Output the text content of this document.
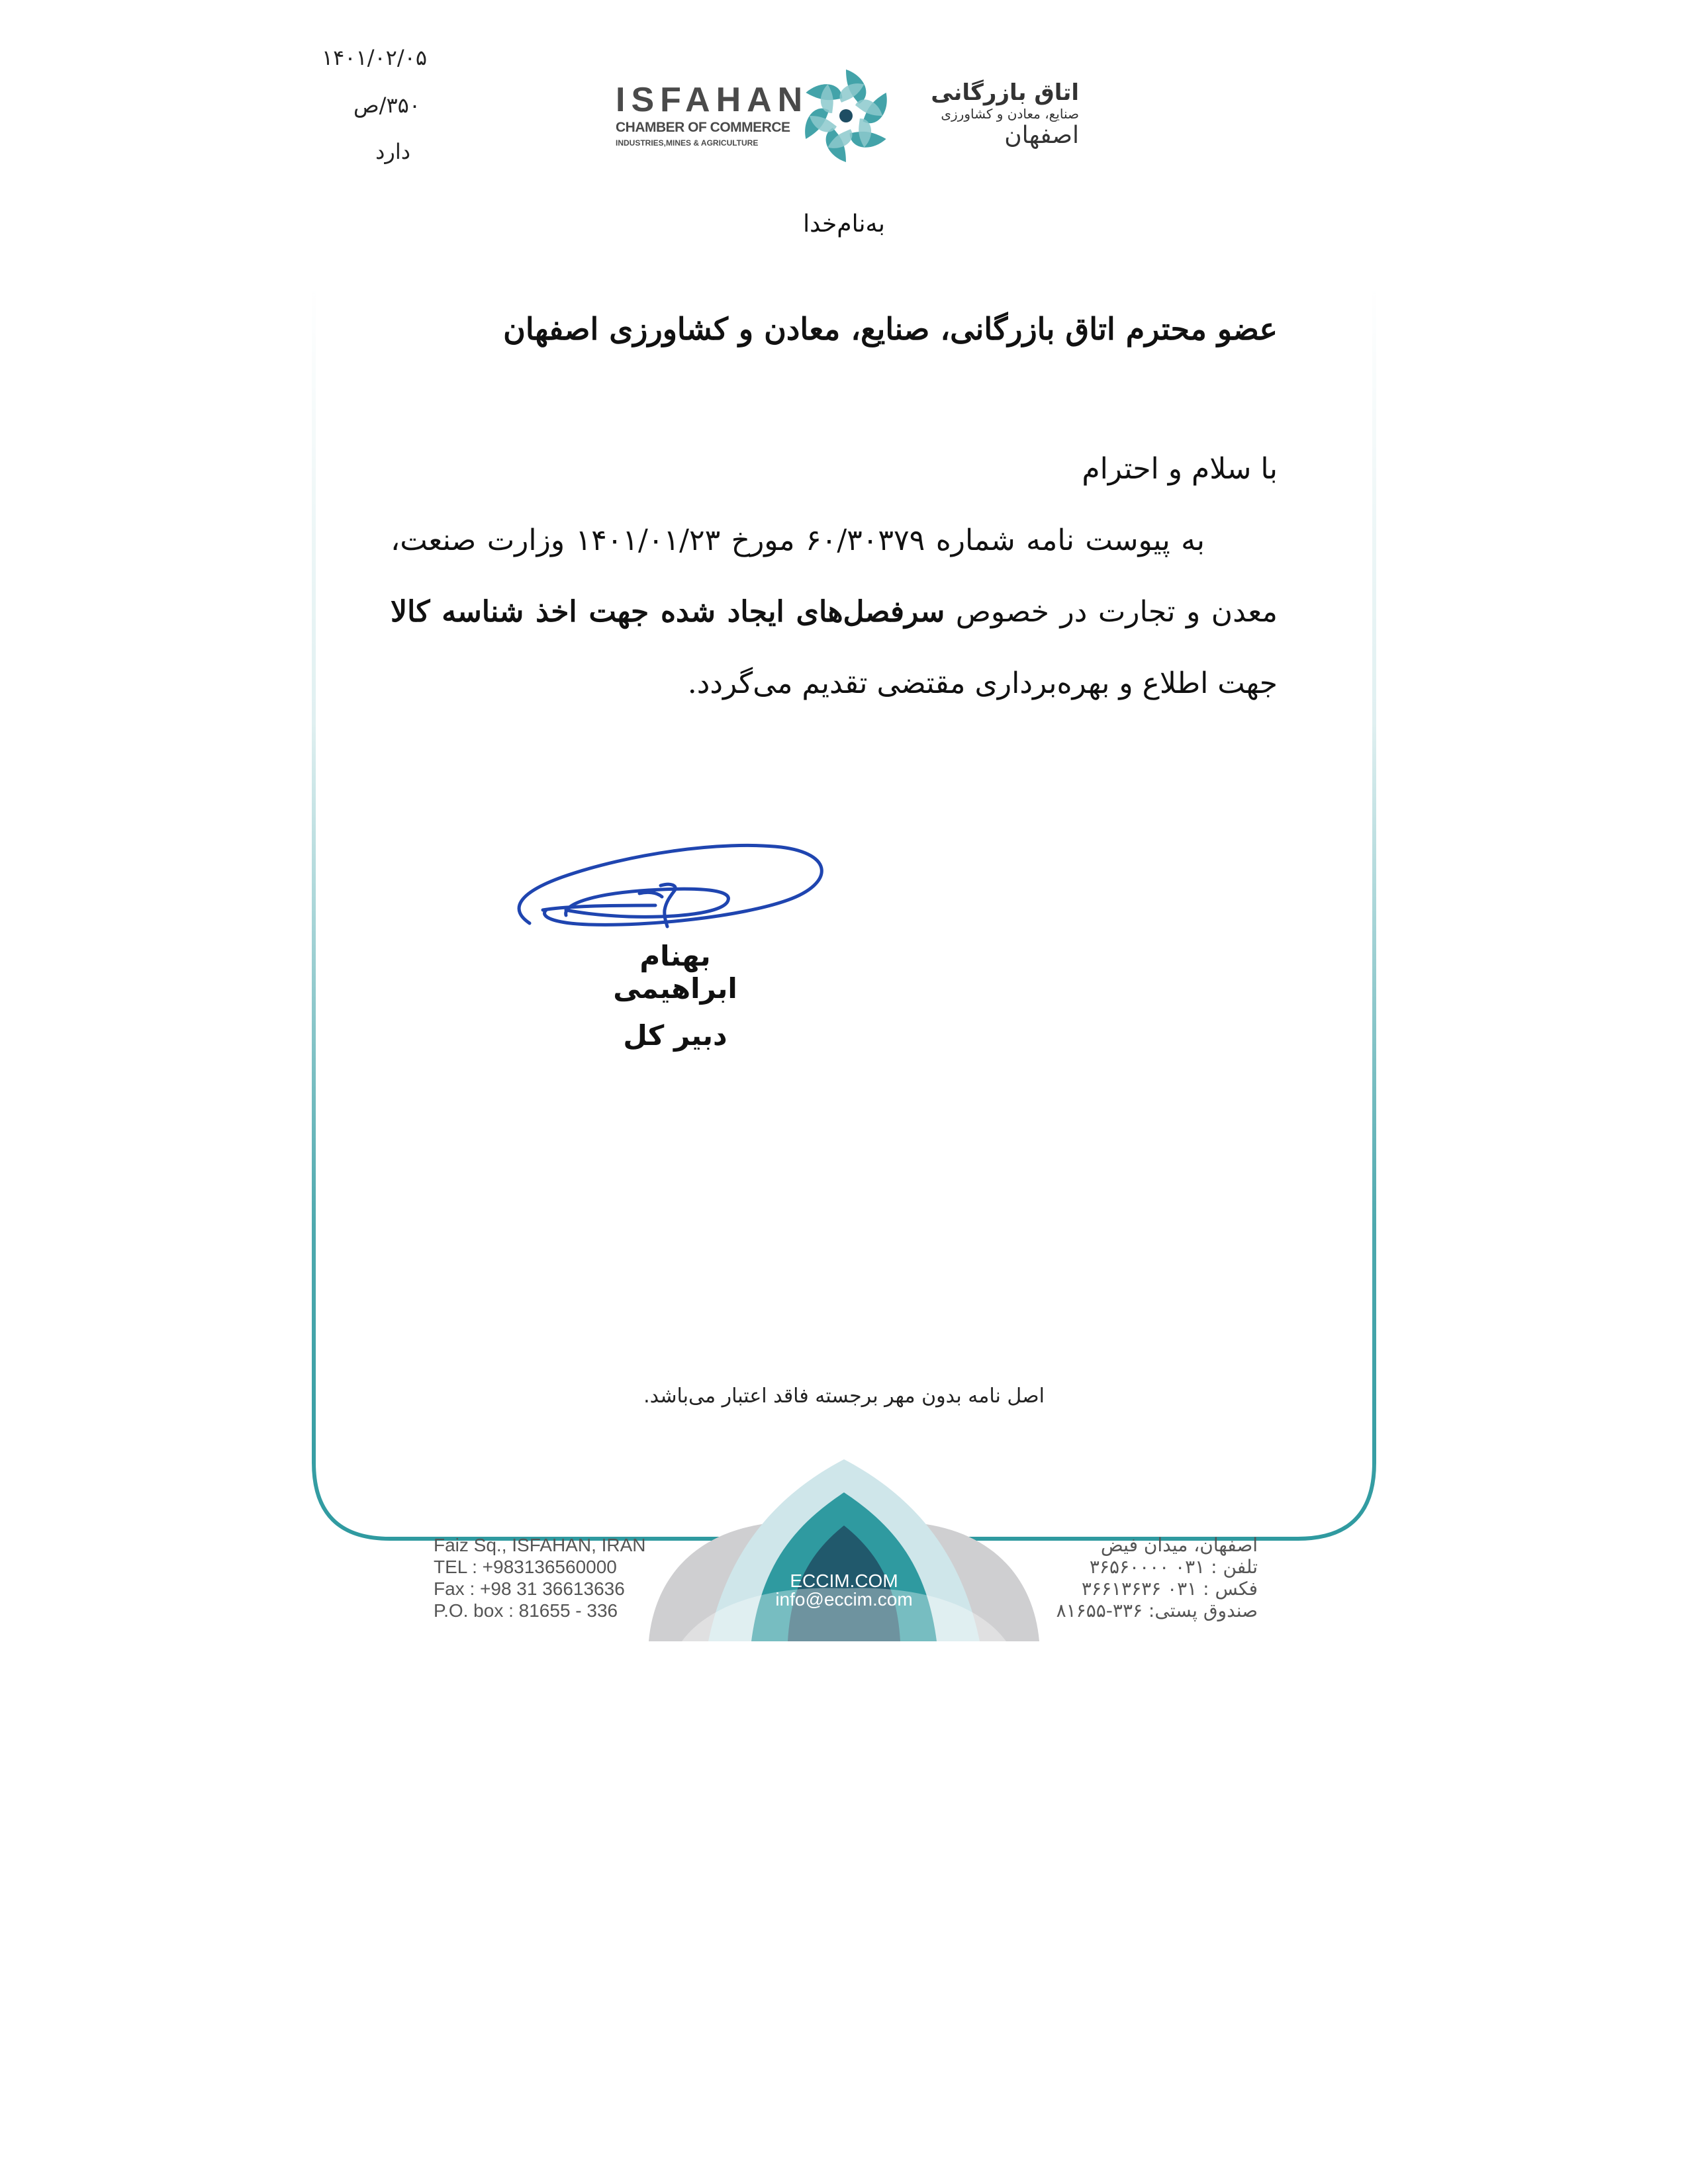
۱۴۰۱/۰۲/۰۵
۳۵۰/ص
دارد
ISFAHAN
CHAMBER OF COMMERCE
INDUSTRIES,MINES & AGRICULTURE
اتاق بازرگانی
صنایع، معادن و کشاورزی
اصفهان
به‌نام‌خدا
عضو محترم اتاق بازرگانی، صنایع، معادن و کشاورزی اصفهان

با سلام و احترام

به پیوست نامه شماره ۶۰/۳۰۳۷۹ مورخ ۱۴۰۱/۰۱/۲۳ وزارت صنعت، معدن و تجارت در خصوص سرفصل‌های ایجاد شده جهت اخذ شناسه کالا جهت اطلاع و بهره‌برداری مقتضی تقدیم می‌گردد.

بهنام ابراهیمی
دبیر کل
اصل نامه بدون مهر برجسته فاقد اعتبار می‌باشد.
ECCIM.COM
info@eccim.com
Faiz Sq., ISFAHAN, IRAN
TEL : +983136560000
Fax : +98 31 36613636
P.O. box : 81655 - 336
اصفهان، میدان فیض
تلفن : ۰۳۱ ۳۶۵۶۰۰۰۰
فکس : ۰۳۱ ۳۶۶۱۳۶۳۶
صندوق پستی: ۳۳۶-۸۱۶۵۵
